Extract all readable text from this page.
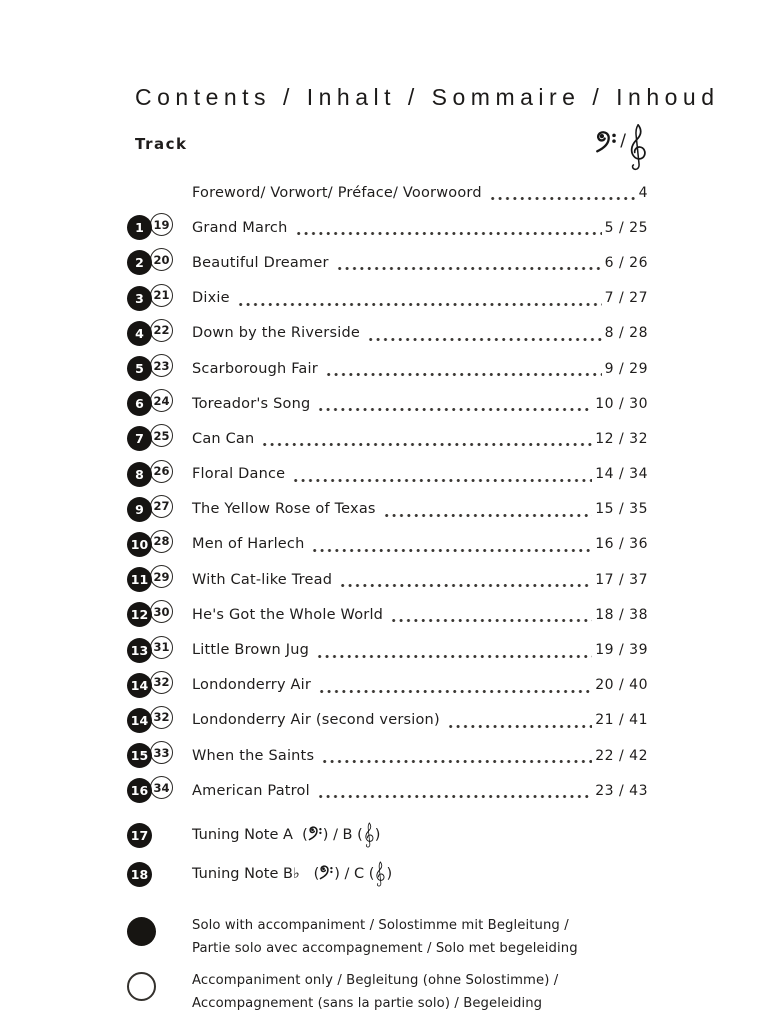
Contents / Inhalt / Sommaire / Inhoud
Track	/
Foreword/ Vorwort/ Préface/ Voorwoord	4
1 19 Grand March	5 / 25
2 20 Beautiful Dreamer	6 / 26
3 21 Dixie	7 / 27
4 22 Down by the Riverside	8 / 28
5 23 Scarborough Fair	9 / 29
6 24 Toreador's Song	10 / 30
7 25 Can Can	12 / 32
8 26 Floral Dance	14 / 34
9 27 The Yellow Rose of Texas	15 / 35
10 28 Men of Harlech	16 / 36
11 29 With Cat-like Tread	17 / 37
12 30 He's Got the Whole World	18 / 38
13 31 Little Brown Jug	19 / 39
14 32 Londonderry Air	20 / 40
14 32 Londonderry Air (second version)	21 / 41
15 33 When the Saints	22 / 42
16 34 American Patrol	23 / 43
17	Tuning Note A  ( ) / B ( )
18	Tuning Note B♭   ( ) / C ( )
Solo with accompaniment / Solostimme mit Begleitung /
Partie solo avec accompagnement / Solo met begeleiding
Accompaniment only / Begleitung (ohne Solostimme) /
Accompagnement (sans la partie solo) / Begeleiding
